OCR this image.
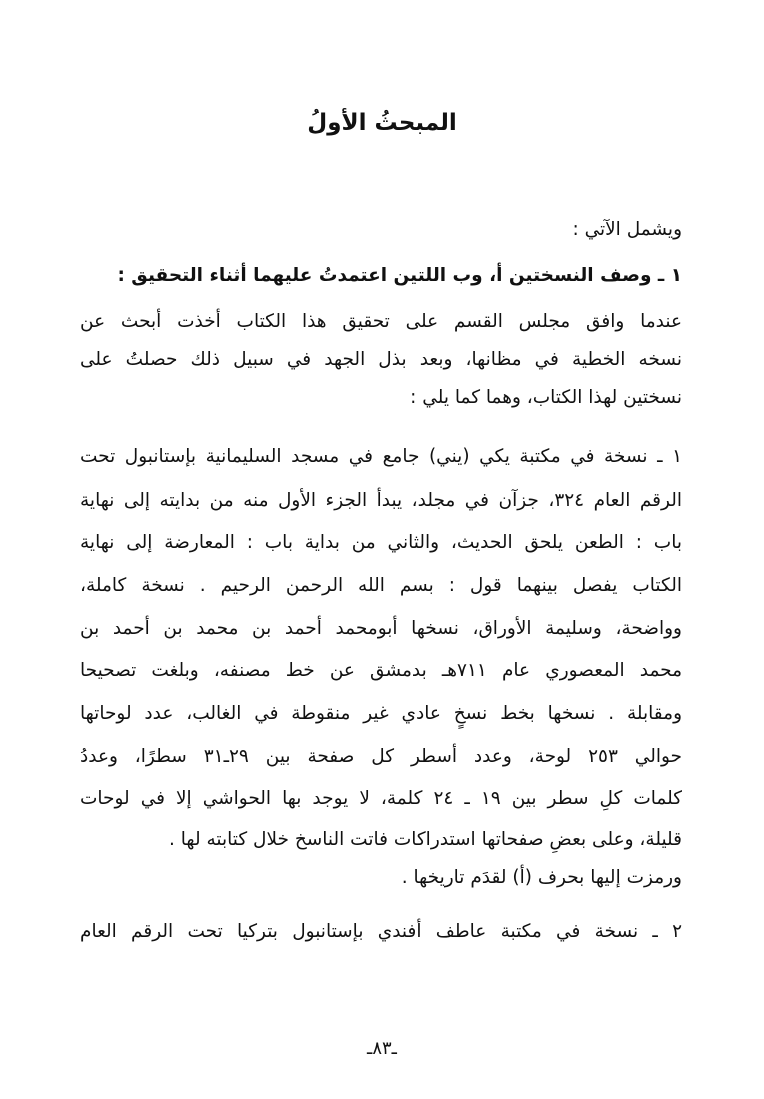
المبحثُ الأولُ
ويشمل الآتي :
١ ـ وصف النسختين أ، وب اللتين اعتمدتُ عليهما أثناء التحقيق :
عندما وافق مجلس القسم على تحقيق هذا الكتاب أخذت أبحث عن
نسخه الخطية في مظانها، وبعد بذل الجهد في سبيل ذلك حصلتُ على
نسختين لهذا الكتاب، وهما كما يلي :
١ ـ نسخة في مكتبة يكي (يني) جامع في مسجد السليمانية بإستانبول تحت
الرقم العام ٣٢٤، جزآن في مجلد، يبدأ الجزء الأول منه من بدايته إلى نهاية
باب : الطعن يلحق الحديث، والثاني من بداية باب : المعارضة إلى نهاية
الكتاب يفصل بينهما قول : بسم الله الرحمن الرحيم . نسخة كاملة،
وواضحة، وسليمة الأوراق، نسخها أبومحمد أحمد بن محمد بن أحمد بن
محمد المعصوري عام ٧١١هـ بدمشق عن خط مصنفه، وبلغت تصحيحا
ومقابلة . نسخها بخط نسخٍ عادي غير منقوطة في الغالب، عدد لوحاتها
حوالي ٢٥٣ لوحة، وعدد أسطر كل صفحة بين ٢٩ـ٣١ سطرًا، وعددُ
كلمات كلِ سطر بين ١٩ ـ ٢٤ كلمة، لا يوجد بها الحواشي إلا في لوحات
قليلة، وعلى بعضِ صفحاتها استدراكات فاتت الناسخ خلال كتابته لها .
ورمزت إليها بحرف (أ) لقدَم تاريخها .
٢ ـ نسخة في مكتبة عاطف أفندي بإستانبول بتركيا تحت الرقم العام
ـ٨٣ـ
